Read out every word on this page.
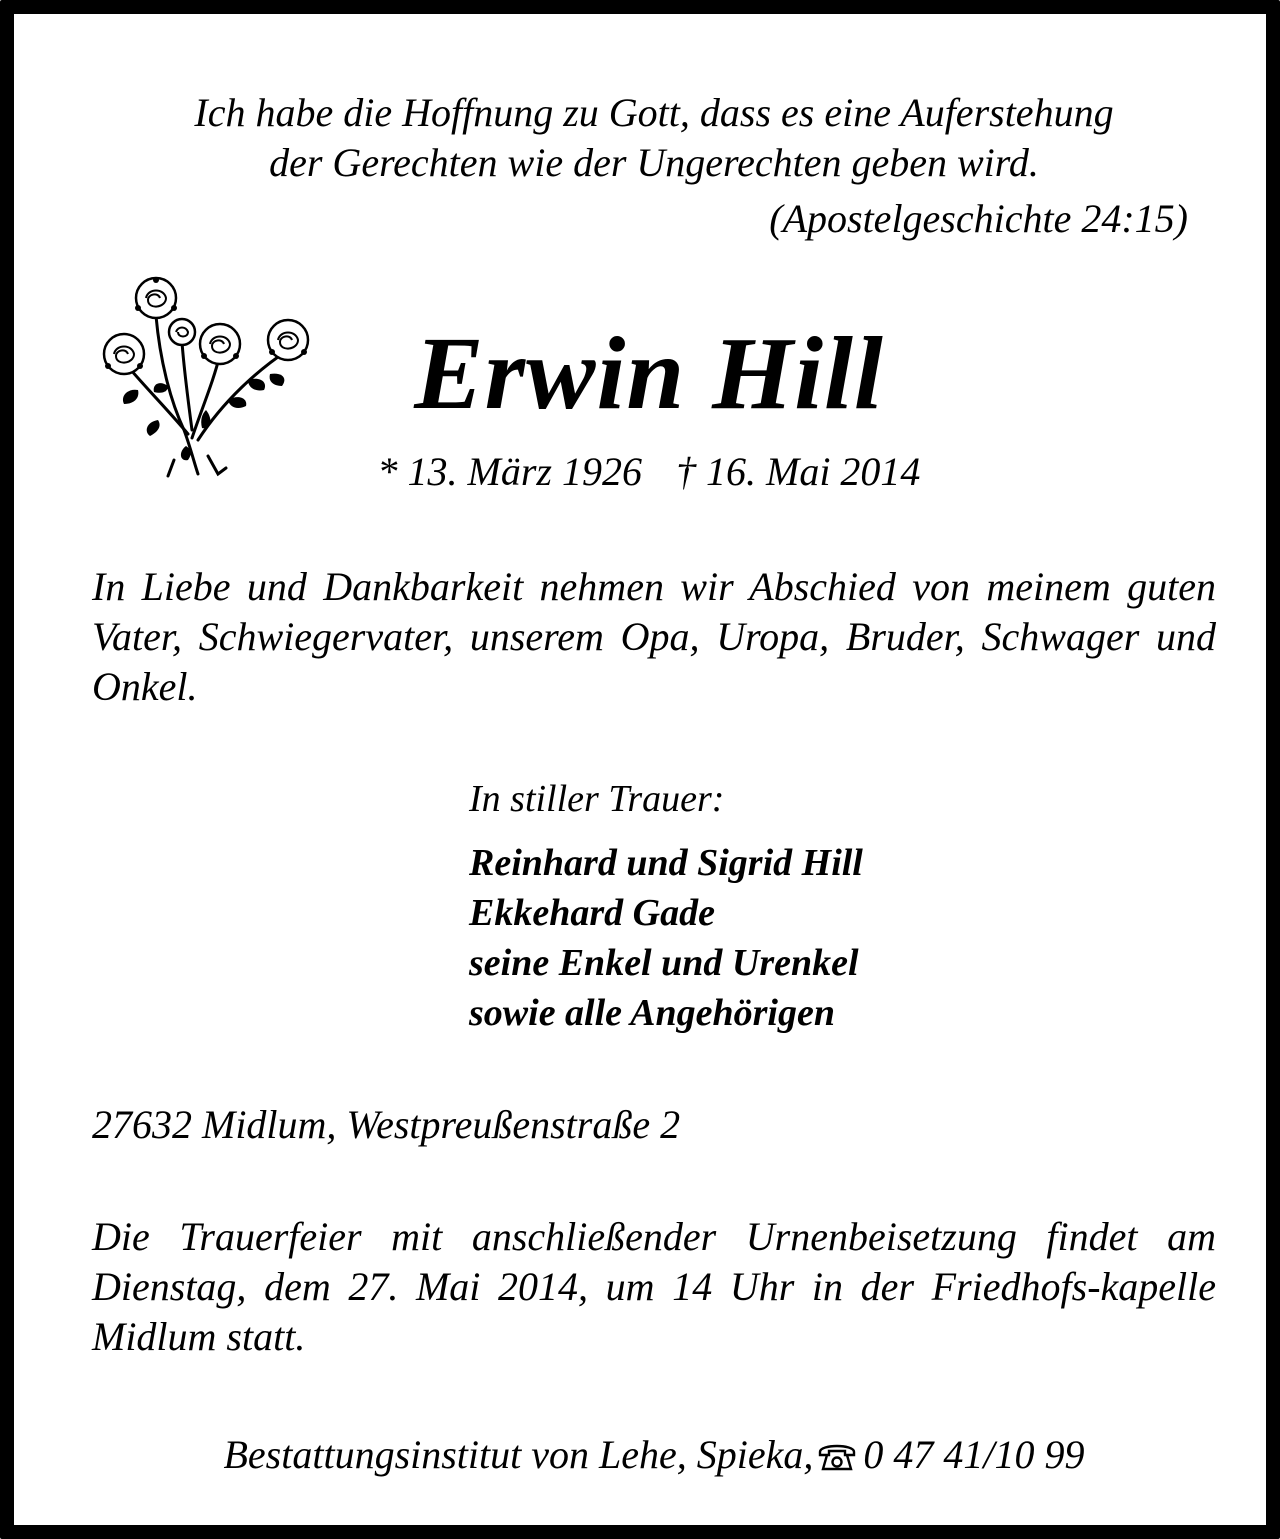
Ich habe die Hoffnung zu Gott, dass es eine Auferstehung
der Gerechten wie der Ungerechten geben wird.
(Apostelgeschichte 24:15)
Erwin Hill
* 13. März 1926 † 16. Mai 2014
In Liebe und Dankbarkeit nehmen wir Abschied von meinem guten Vater, Schwiegervater, unserem Opa, Uropa, Bruder, Schwager und Onkel.
In stiller Trauer:
Reinhard und Sigrid Hill
Ekkehard Gade
seine Enkel und Urenkel
sowie alle Angehörigen
27632 Midlum, Westpreußenstraße 2
Die Trauerfeier mit anschließender Urnenbeisetzung findet am Dienstag, dem 27. Mai 2014, um 14 Uhr in der Friedhofs-kapelle Midlum statt.
Bestattungsinstitut von Lehe, Spieka, 0 47 41/10 99
